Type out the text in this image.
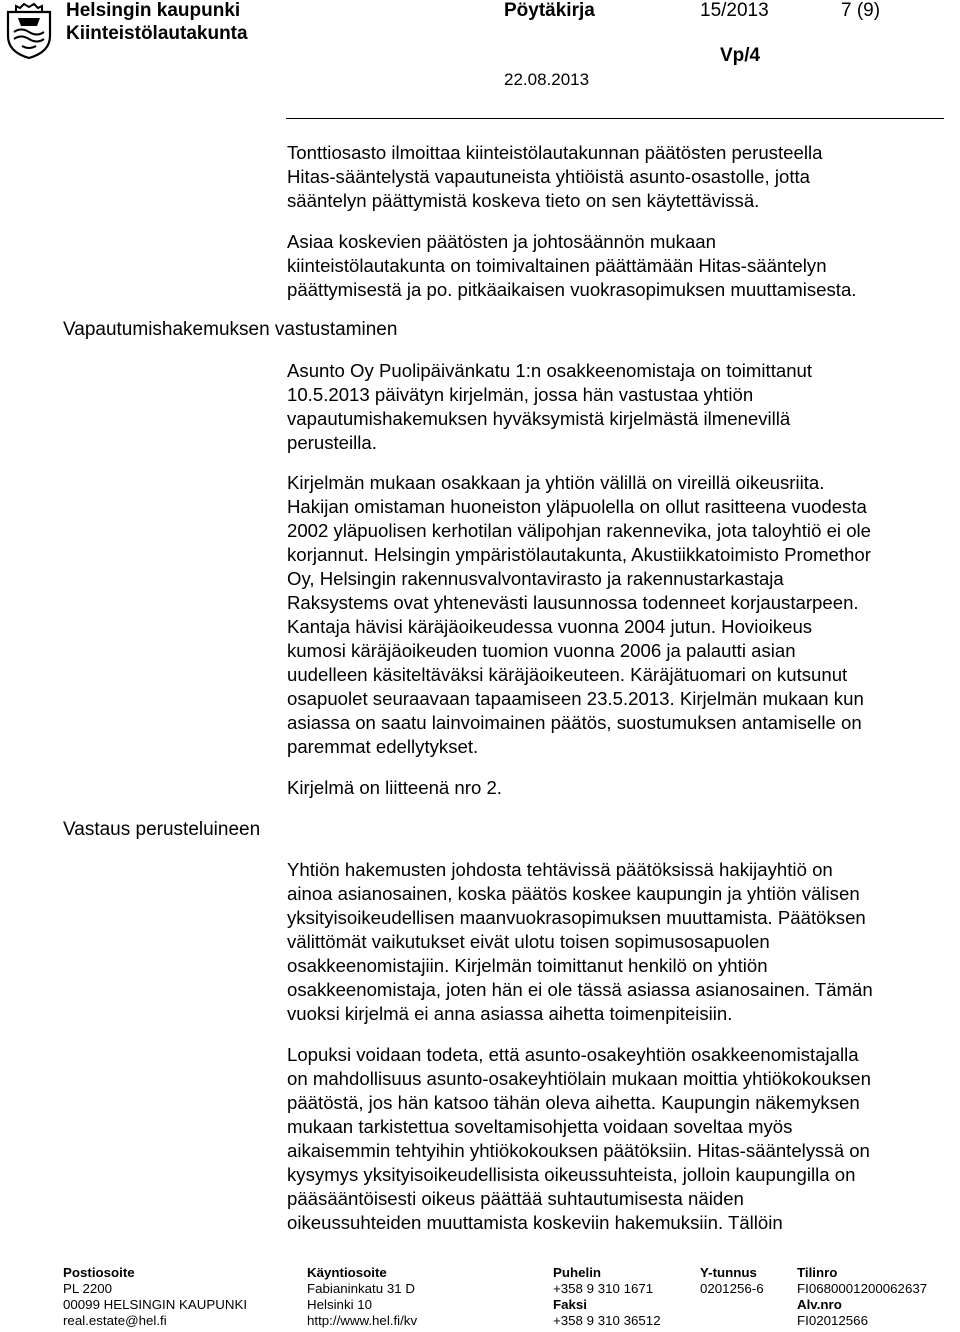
Helsingin kaupunki
Kiinteistölautakunta
Pöytäkirja	15/2013	7 (9)
Vp/4
22.08.2013
Vapautumishakemuksen vastustaminen
Vastaus perusteluineen
Tonttiosasto ilmoittaa kiinteistölautakunnan päätösten perusteella
Hitas-sääntelystä vapautuneista yhtiöistä asunto-osastolle, jotta
sääntelyn päättymistä koskeva tieto on sen käytettävissä.
Asiaa koskevien päätösten ja johtosäännön mukaan
kiinteistölautakunta on toimivaltainen päättämään Hitas-sääntelyn
päättymisestä ja po. pitkäaikaisen vuokrasopimuksen muuttamisesta.
Asunto Oy Puolipäivänkatu 1:n osakkeenomistaja on toimittanut
10.5.2013 päivätyn kirjelmän, jossa hän vastustaa yhtiön
vapautumishakemuksen hyväksymistä kirjelmästä ilmenevillä
perusteilla.
Kirjelmän mukaan osakkaan ja yhtiön välillä on vireillä oikeusriita.
Hakijan omistaman huoneiston yläpuolella on ollut rasitteena vuodesta
2002 yläpuolisen kerhotilan välipohjan rakennevika, jota taloyhtiö ei ole
korjannut. Helsingin ympäristölautakunta, Akustiikkatoimisto Promethor
Oy, Helsingin rakennusvalvontavirasto ja rakennustarkastaja
Raksystems ovat yhtenevästi lausunnossa todenneet korjaustarpeen.
Kantaja hävisi käräjäoikeudessa vuonna 2004 jutun. Hovioikeus
kumosi käräjäoikeuden tuomion vuonna 2006 ja palautti asian
uudelleen käsiteltäväksi käräjäoikeuteen. Käräjätuomari on kutsunut
osapuolet seuraavaan tapaamiseen 23.5.2013. Kirjelmän mukaan kun
asiassa on saatu lainvoimainen päätös, suostumuksen antamiselle on
paremmat edellytykset.
Kirjelmä on liitteenä nro 2.
Yhtiön hakemusten johdosta tehtävissä päätöksissä hakijayhtiö on
ainoa asianosainen, koska päätös koskee kaupungin ja yhtiön välisen
yksityisoikeudellisen maanvuokrasopimuksen muuttamista. Päätöksen
välittömät vaikutukset eivät ulotu toisen sopimusosapuolen
osakkeenomistajiin. Kirjelmän toimittanut henkilö on yhtiön
osakkeenomistaja, joten hän ei ole tässä asiassa asianosainen. Tämän
vuoksi kirjelmä ei anna asiassa aihetta toimenpiteisiin.
Lopuksi voidaan todeta, että asunto-osakeyhtiön osakkeenomistajalla
on mahdollisuus asunto-osakeyhtiölain mukaan moittia yhtiökokouksen
päätöstä, jos hän katsoo tähän oleva aihetta. Kaupungin näkemyksen
mukaan tarkistettua soveltamisohjetta voidaan soveltaa myös
aikaisemmin tehtyihin yhtiökokouksen päätöksiin. Hitas-sääntelyssä on
kysymys yksityisoikeudellisista oikeussuhteista, jolloin kaupungilla on
pääsääntöisesti oikeus päättää suhtautumisesta näiden
oikeussuhteiden muuttamista koskeviin hakemuksiin. Tällöin
Postiosoite
PL 2200
00099 HELSINGIN KAUPUNKI
real.estate@hel.fi
Käyntiosoite
Fabianinkatu 31 D
Helsinki 10
http://www.hel.fi/kv
Puhelin
+358 9 310 1671
Faksi
+358 9 310 36512
Y-tunnus
0201256-6
Tilinro
FI0680001200062637
Alv.nro
FI02012566
